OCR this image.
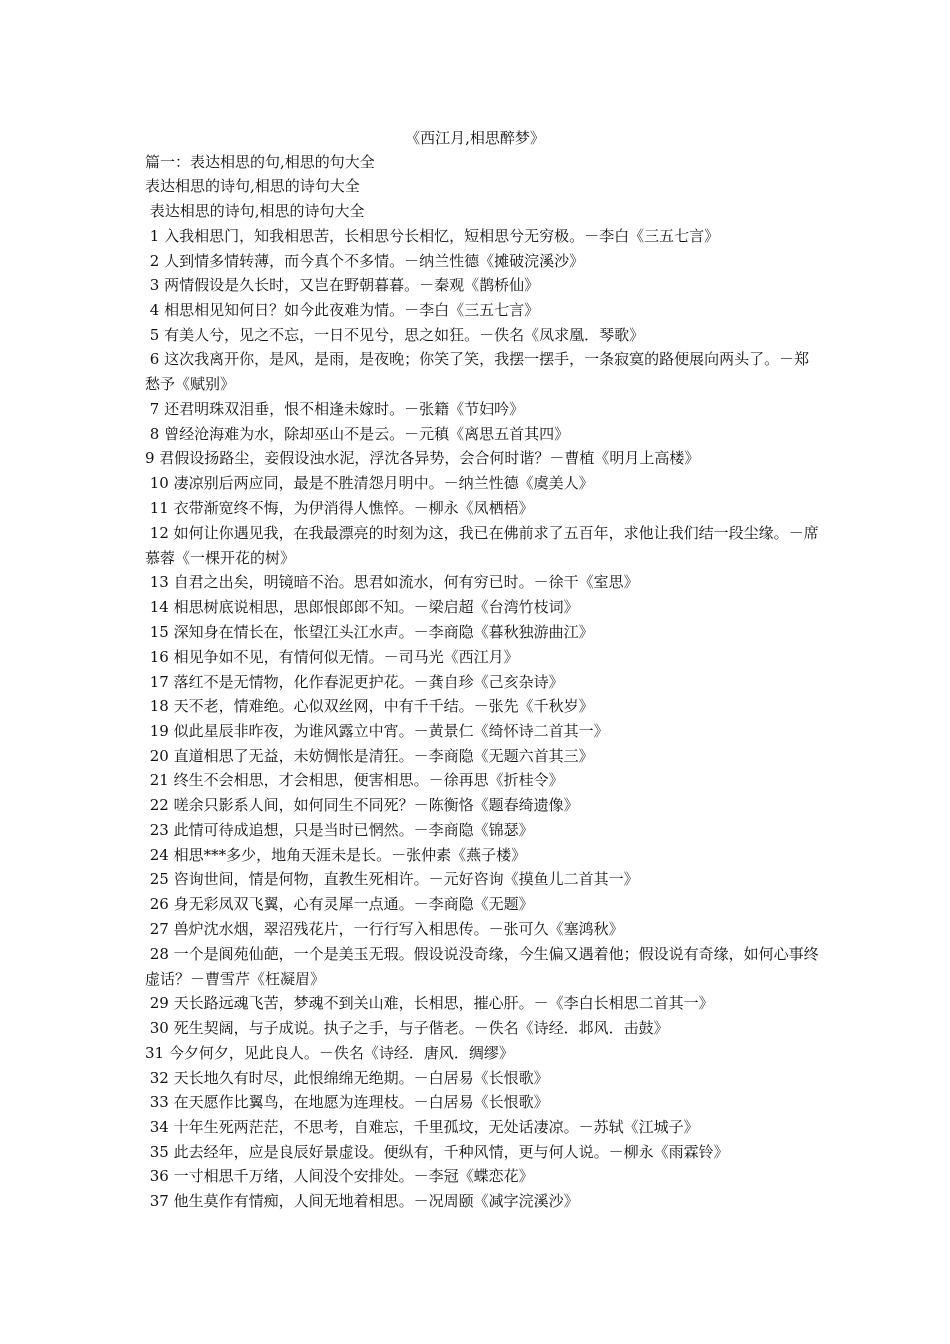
《西江月,相思醉梦》
篇一：表达相思的句,相思的句大全
表达相思的诗句,相思的诗句大全
表达相思的诗句,相思的诗句大全
1 入我相思门，知我相思苦，长相思兮长相忆，短相思兮无穷极。－李白《三五七言》
2 人到情多情转薄，而今真个不多情。－纳兰性德《摊破浣溪沙》
3 两情假设是久长时，又岂在野朝暮暮。－秦观《鹊桥仙》
4 相思相见知何日？如今此夜难为情。－李白《三五七言》
5 有美人兮，见之不忘，一日不见兮，思之如狂。－佚名《凤求凰．琴歌》
6 这次我离开你，是风，是雨，是夜晚；你笑了笑，我摆一摆手，一条寂寞的路便展向两头了。－郑愁予《赋别》
7 还君明珠双泪垂，恨不相逢未嫁时。－张籍《节妇吟》
8 曾经沧海难为水，除却巫山不是云。－元稹《离思五首其四》
9 君假设扬路尘，妾假设浊水泥，浮沈各异势，会合何时谐？－曹植《明月上高楼》
10 凄凉别后两应同，最是不胜清怨月明中。－纳兰性德《虞美人》
11 衣带渐宽终不悔，为伊消得人憔悴。－柳永《凤栖梧》
12 如何让你遇见我，在我最漂亮的时刻为这，我已在佛前求了五百年，求他让我们结一段尘缘。－席慕蓉《一棵开花的树》
13 自君之出矣，明镜暗不治。思君如流水，何有穷已时。－徐干《室思》
14 相思树底说相思，思郎恨郎郎不知。－梁启超《台湾竹枝词》
15 深知身在情长在，怅望江头江水声。－李商隐《暮秋独游曲江》
16 相见争如不见，有情何似无情。－司马光《西江月》
17 落红不是无情物，化作春泥更护花。－龚自珍《己亥杂诗》
18 天不老，情难绝。心似双丝网，中有千千结。－张先《千秋岁》
19 似此星辰非昨夜，为谁风露立中宵。－黄景仁《绮怀诗二首其一》
20 直道相思了无益，未妨惆怅是清狂。－李商隐《无题六首其三》
21 终生不会相思，才会相思，便害相思。－徐再思《折桂令》
22 嗟余只影系人间，如何同生不同死？－陈衡恪《题春绮遗像》
23 此情可待成追想，只是当时已惘然。－李商隐《锦瑟》
24 相思***多少，地角天涯未是长。－张仲素《燕子楼》
25 咨询世间，情是何物，直教生死相许。－元好咨询《摸鱼儿二首其一》
26 身无彩凤双飞翼，心有灵犀一点通。－李商隐《无题》
27 兽炉沈水烟，翠沼残花片，一行行写入相思传。－张可久《塞鸿秋》
28 一个是阆苑仙葩，一个是美玉无瑕。假设说没奇缘，今生偏又遇着他；假设说有奇缘，如何心事终虚话？－曹雪芹《枉凝眉》
29 天长路远魂飞苦，梦魂不到关山难，长相思，摧心肝。－《李白长相思二首其一》
30 死生契阔，与子成说。执子之手，与子偕老。－佚名《诗经．邶风．击鼓》
31 今夕何夕，见此良人。－佚名《诗经．唐风．绸缪》
32 天长地久有时尽，此恨绵绵无绝期。－白居易《长恨歌》
33 在天愿作比翼鸟，在地愿为连理枝。－白居易《长恨歌》
34 十年生死两茫茫，不思考，自难忘，千里孤坟，无处话凄凉。－苏轼《江城子》
35 此去经年，应是良辰好景虚设。便纵有，千种风情，更与何人说。－柳永《雨霖铃》
36 一寸相思千万绪，人间没个安排处。－李冠《蝶恋花》
37 他生莫作有情痴，人间无地着相思。－况周颐《减字浣溪沙》
